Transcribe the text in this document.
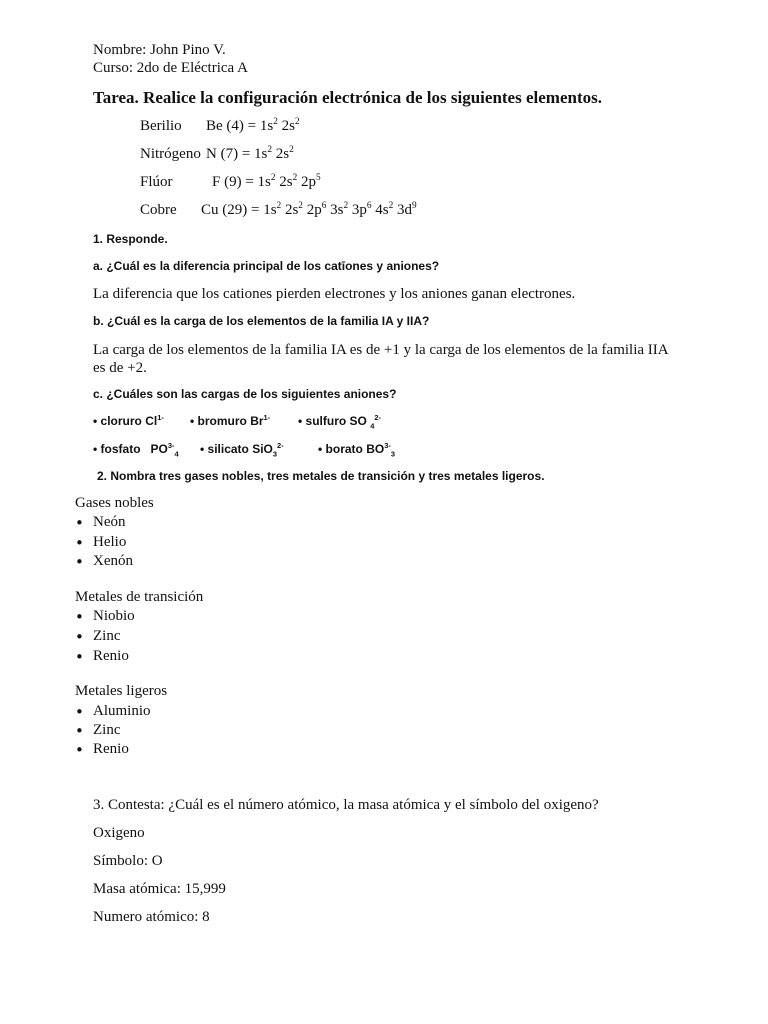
Nombre: John Pino V.
Curso: 2do de Eléctrica A
Tarea. Realice la configuración electrónica de los siguientes elementos.
Berilio Be $(4) = 1s^2$ $2s^2$
Nitrógeno N $(7) = 1s^2$ $2s^2$
Flúor	F $(9) = 1s^2$ $2s^2$ $2p^5$
Cobre Cu $(29) = 1s^2$ $2s^2$ $2p^6$ $3s^2$ $3p^6$ $4s^2$ $3d^9$
1. Responde.
a. ¿Cuál es la diferencia principal de los catīones y aniones?
La diferencia que los cationes pierden electrones y los aniones ganan electrones.
b. ¿Cuál es la carga de los elementos de la familia IA y IIA?
La carga de los elementos de la familia IA es de +1 y la carga de los elementos de la familia IIA es de +2.
c. ¿Cuáles son las cargas de los siguientes aniones?
• cloruro $Cl^{1-}$ • bromuro $Br^{1-}$ • sulfuro SO $_4^{2-}$
• fosfato   $PO^{3-}_4$ • silicato SiO$_3^{2-}$	• borato $BO^{3-}_3$
2. Nombra tres gases nobles, tres metales de transición y tres metales ligeros.
Gases nobles
• Neón
• Helio
• Xenón
Metales de transición
• Niobio
• Zinc
• Renio
Metales ligeros
• Aluminio
• Zinc
• Renio
3. Contesta: ¿Cuál es el número atómico, la masa atómica y el símbolo del oxigeno?
Oxigeno
Símbolo: O
Masa atómica: 15,999
Numero atómico: 8
